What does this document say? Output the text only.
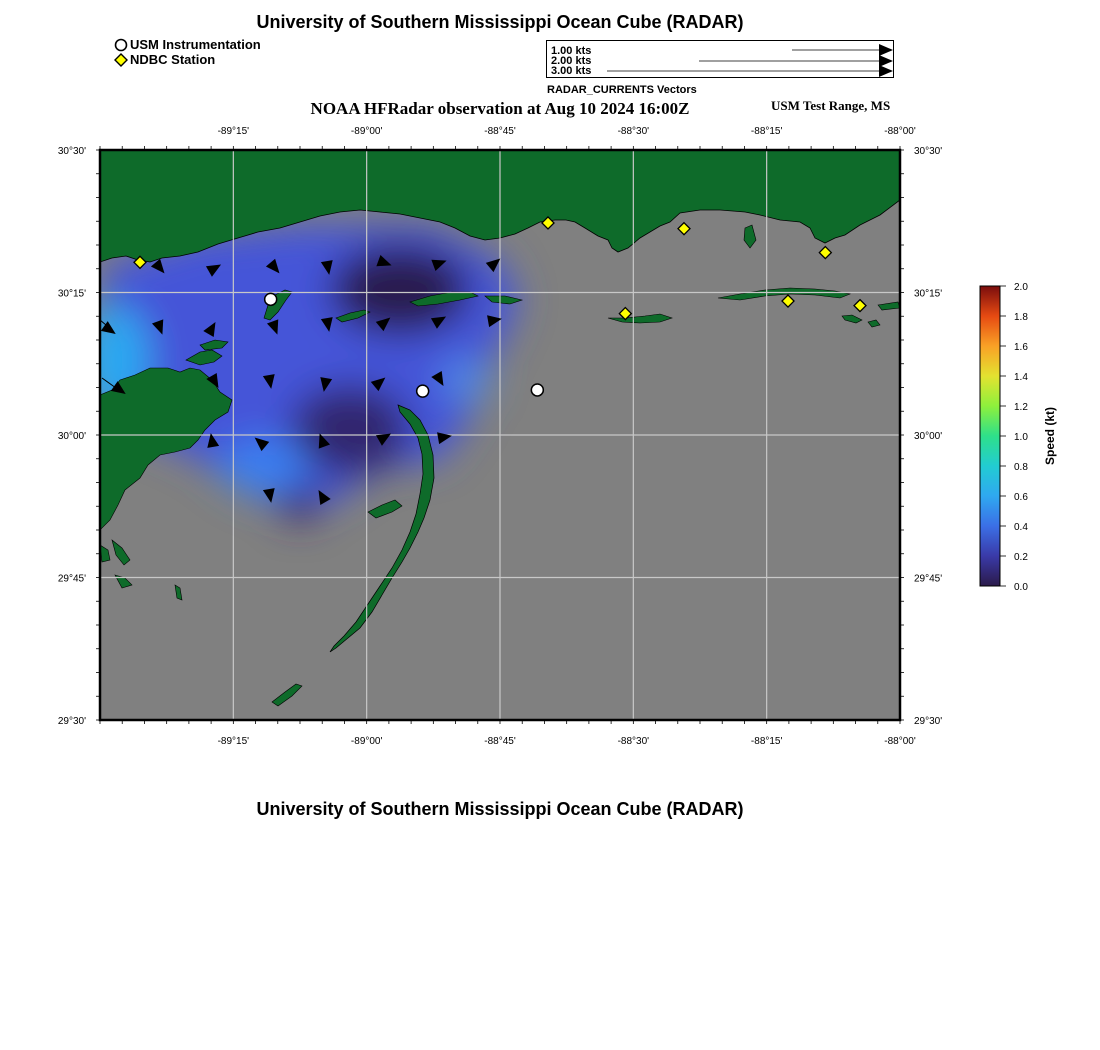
University of Southern Mississippi Ocean Cube (RADAR)
USM Instrumentation
NDBC Station
1.00 kts
2.00 kts
3.00 kts
RADAR_CURRENTS Vectors
NOAA HFRadar observation at Aug 10 2024 16:00Z	USM Test Range, MS
-89°15'	-89°00'	-88°45'	-88°30'	-88°15'	-88°00'
-89°15'	-89°00'	-88°45'	-88°30'	-88°15'	-88°00'
30°30'
30°15'
30°00'
29°45'
29°30'
30°30'
30°15'
30°00'
29°45'
29°30'
0.0
0.2
0.4
0.6
0.8
1.0
1.2
1.4
1.6
1.8
2.0
Speed (kt)
University of Southern Mississippi Ocean Cube (RADAR)
